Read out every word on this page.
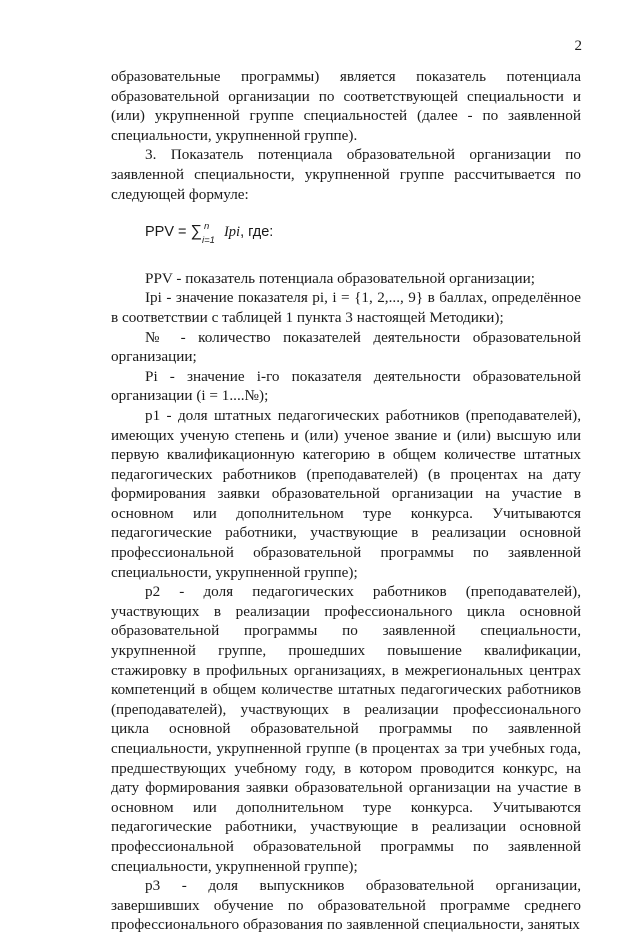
2

образовательные программы) является показатель потенциала образовательной организации по соответствующей специальности и (или) укрупненной группе специальностей (далее - по заявленной специальности, укрупненной группе).

3. Показатель потенциала образовательной организации по заявленной специальности, укрупненной группе рассчитывается по следующей формуле:

PPV = ∑ n
i=1
Ipi, где:

PPV - показатель потенциала образовательной организации;

Ipi - значение показателя pi, i = {1, 2,..., 9} в баллах, определённое в соответствии с таблицей 1 пункта 3 настоящей Методики);

№ - количество показателей деятельности образовательной организации;

Pi - значение i-го показателя деятельности образовательной организации (i = 1....№);

p1 - доля штатных педагогических работников (преподавателей), имеющих ученую степень и (или) ученое звание и (или) высшую или первую квалификационную категорию в общем количестве штатных педагогических работников (преподавателей) (в процентах на дату формирования заявки образовательной организации на участие в основном или дополнительном туре конкурса. Учитываются педагогические работники, участвующие в реализации основной профессиональной образовательной программы по заявленной специальности, укрупненной группе);

p2 - доля педагогических работников (преподавателей), участвующих в реализации профессионального цикла основной образовательной программы по заявленной специальности, укрупненной группе, прошедших повышение квалификации, стажировку в профильных организациях, в межрегиональных центрах компетенций в общем количестве штатных педагогических работников (преподавателей), участвующих в реализации профессионального цикла основной образовательной программы по заявленной специальности, укрупненной группе (в процентах за три учебных года, предшествующих учебному году, в котором проводится конкурс, на дату формирования заявки образовательной организации на участие в основном или дополнительном туре конкурса. Учитываются педагогические работники, участвующие в реализации основной профессиональной образовательной программы по заявленной специальности, укрупненной группе);

p3 - доля выпускников образовательной организации, завершивших обучение по образовательной программе среднего профессионального образования по заявленной специальности, занятых
